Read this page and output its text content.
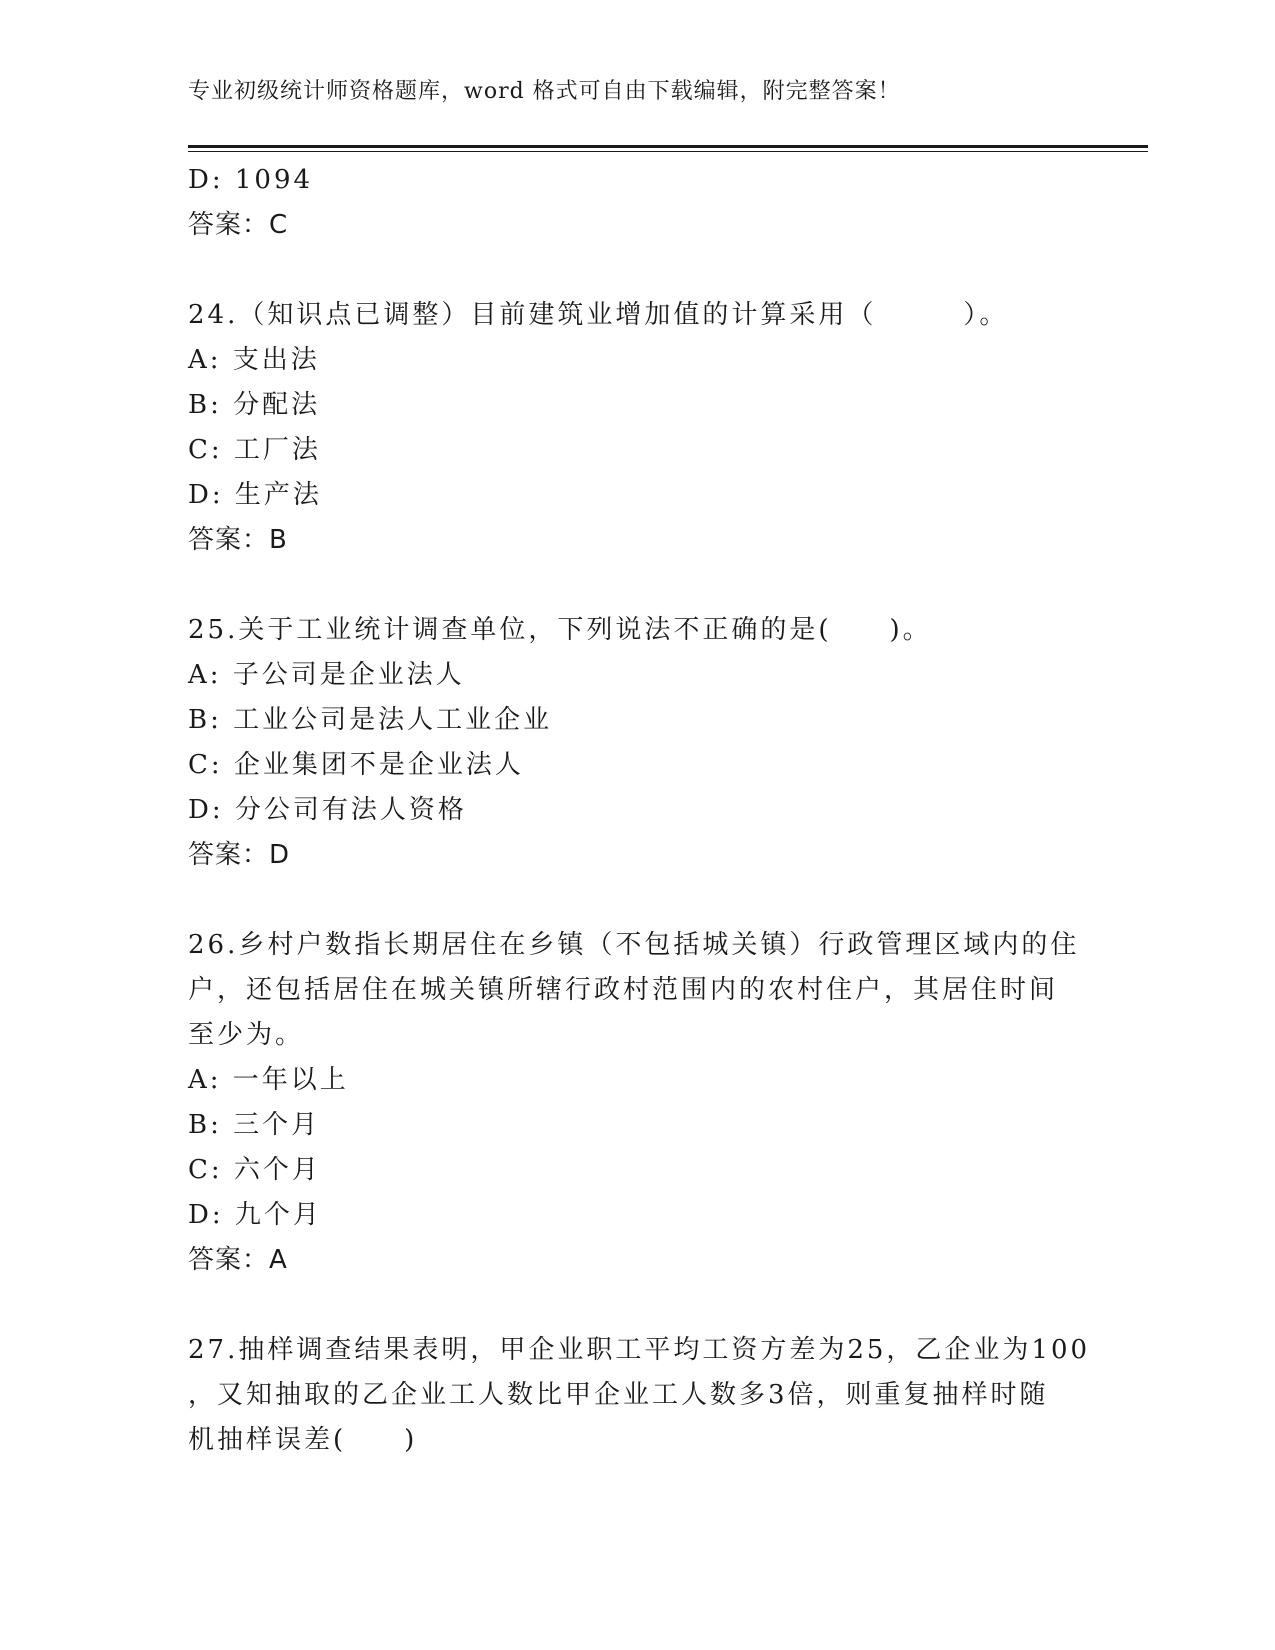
专业初级统计师资格题库，word 格式可自由下载编辑，附完整答案！
D: 1094
答案：C
24.（知识点已调整）目前建筑业增加值的计算采用（　　　）。
A: 支出法
B: 分配法
C: 工厂法
D: 生产法
答案：B
25.关于工业统计调查单位，下列说法不正确的是(　　)。
A: 子公司是企业法人
B: 工业公司是法人工业企业
C: 企业集团不是企业法人
D: 分公司有法人资格
答案：D
26.乡村户数指长期居住在乡镇（不包括城关镇）行政管理区域内的住
户，还包括居住在城关镇所辖行政村范围内的农村住户，其居住时间
至少为。
A: 一年以上
B: 三个月
C: 六个月
D: 九个月
答案：A
27.抽样调查结果表明，甲企业职工平均工资方差为25，乙企业为100
，又知抽取的乙企业工人数比甲企业工人数多3倍，则重复抽样时随
机抽样误差(　　)
